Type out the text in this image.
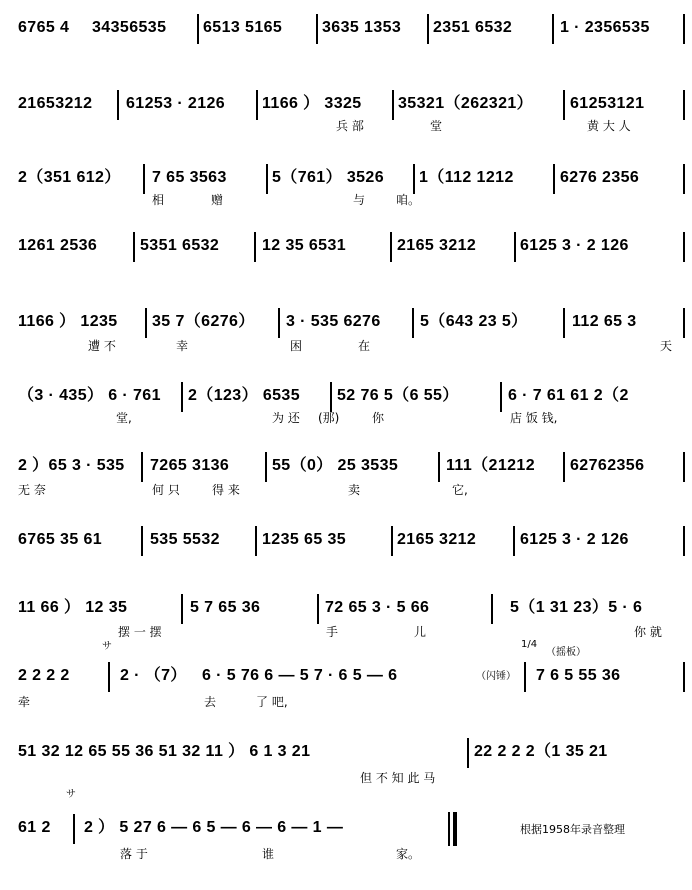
6765 4 34356535 6513 5165 3635 1353 2351 6532	1 · 2356535
21653212 61253 · 2126 1166 ） 3325 35321（262321） 61253121
兵 部	堂	黄 大 人
2（351 612） 7 65 3563	5（761） 3526 1（112 1212	6276 2356
相	赠	与	咱。
1261 2536	5351 6532	12 35 6531	2165 3212	6125 3 · 2 126
1166 ） 1235 35 7（6276） 3 · 535 6276 5（643 23 5）	112 65 3
遭 不	幸	困	在	天
（3 · 435） 6 · 761 2（123） 6535 52 76 5（6 55）	6 · 7 61 61 2（2
堂,	为 还 (那)	你	店 饭 钱,
2 ）65 3 · 535 7265 3136	55（0） 25 3535	111（21212 62762356
无 奈	何 只	得 来	卖	它,
6765 35 61	535 5532	1235 65 35	2165 3212	6125 3 · 2 126
11 66 ） 12 35	5 7 65 36	72 65 3 · 5 66	5（1 31 23）5 · 6
摆 一 摆	手	儿	你 就
サ	1/4
（摇板）
2 2 2 2	2 · （7） 6 · 5 76 6 — 5 7 · 6 5 — 6	（闪锤） 7 6 5 55 36
牵	去	了 吧,
51 32 12 65 55 36 51 32 11 ） 6 1 3 21	22 2 2 2（1 35 21
但 不 知 此 马
サ
61 2 2 ） 5 27 6 — 6 5 — 6 — 6 — 1 —	根据1958年录音整理
落 于	谁	家。
